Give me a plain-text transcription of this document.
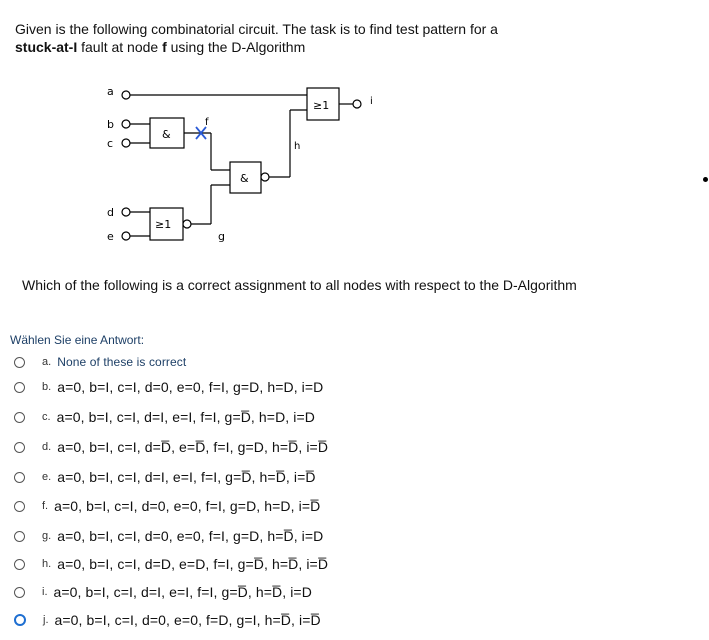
Given is the following combinatorial circuit. The task is to find test pattern for a
stuck-at-I fault at node f using the D-Algorithm
a
b
c
d
e
&
&
≥1
≥1
f
g
h
i
Which of the following is a correct assignment to all nodes with respect to the D-Algorithm
Wählen Sie eine Antwort:
a. None of these is correct
b. a=0, b=I, c=I, d=0, e=0, f=I, g=D, h=D, i=D
c. a=0, b=I, c=I, d=I, e=I, f=I, g=D̅, h=D, i=D
d. a=0, b=I, c=I, d=D̅, e=D̅, f=I, g=D, h=D̅, i=D̅
e. a=0, b=I, c=I, d=I, e=I, f=I, g=D̅, h=D̅, i=D̅
f. a=0, b=I, c=I, d=0, e=0, f=I, g=D, h=D, i=D̅
g. a=0, b=I, c=I, d=0, e=0, f=I, g=D, h=D̅, i=D
h. a=0, b=I, c=I, d=D, e=D, f=I, g=D̅, h=D̅, i=D̅
i. a=0, b=I, c=I, d=I, e=I, f=I, g=D̅, h=D̅, i=D
j. a=0, b=I, c=I, d=0, e=0, f=D, g=I, h=D̅, i=D̅
